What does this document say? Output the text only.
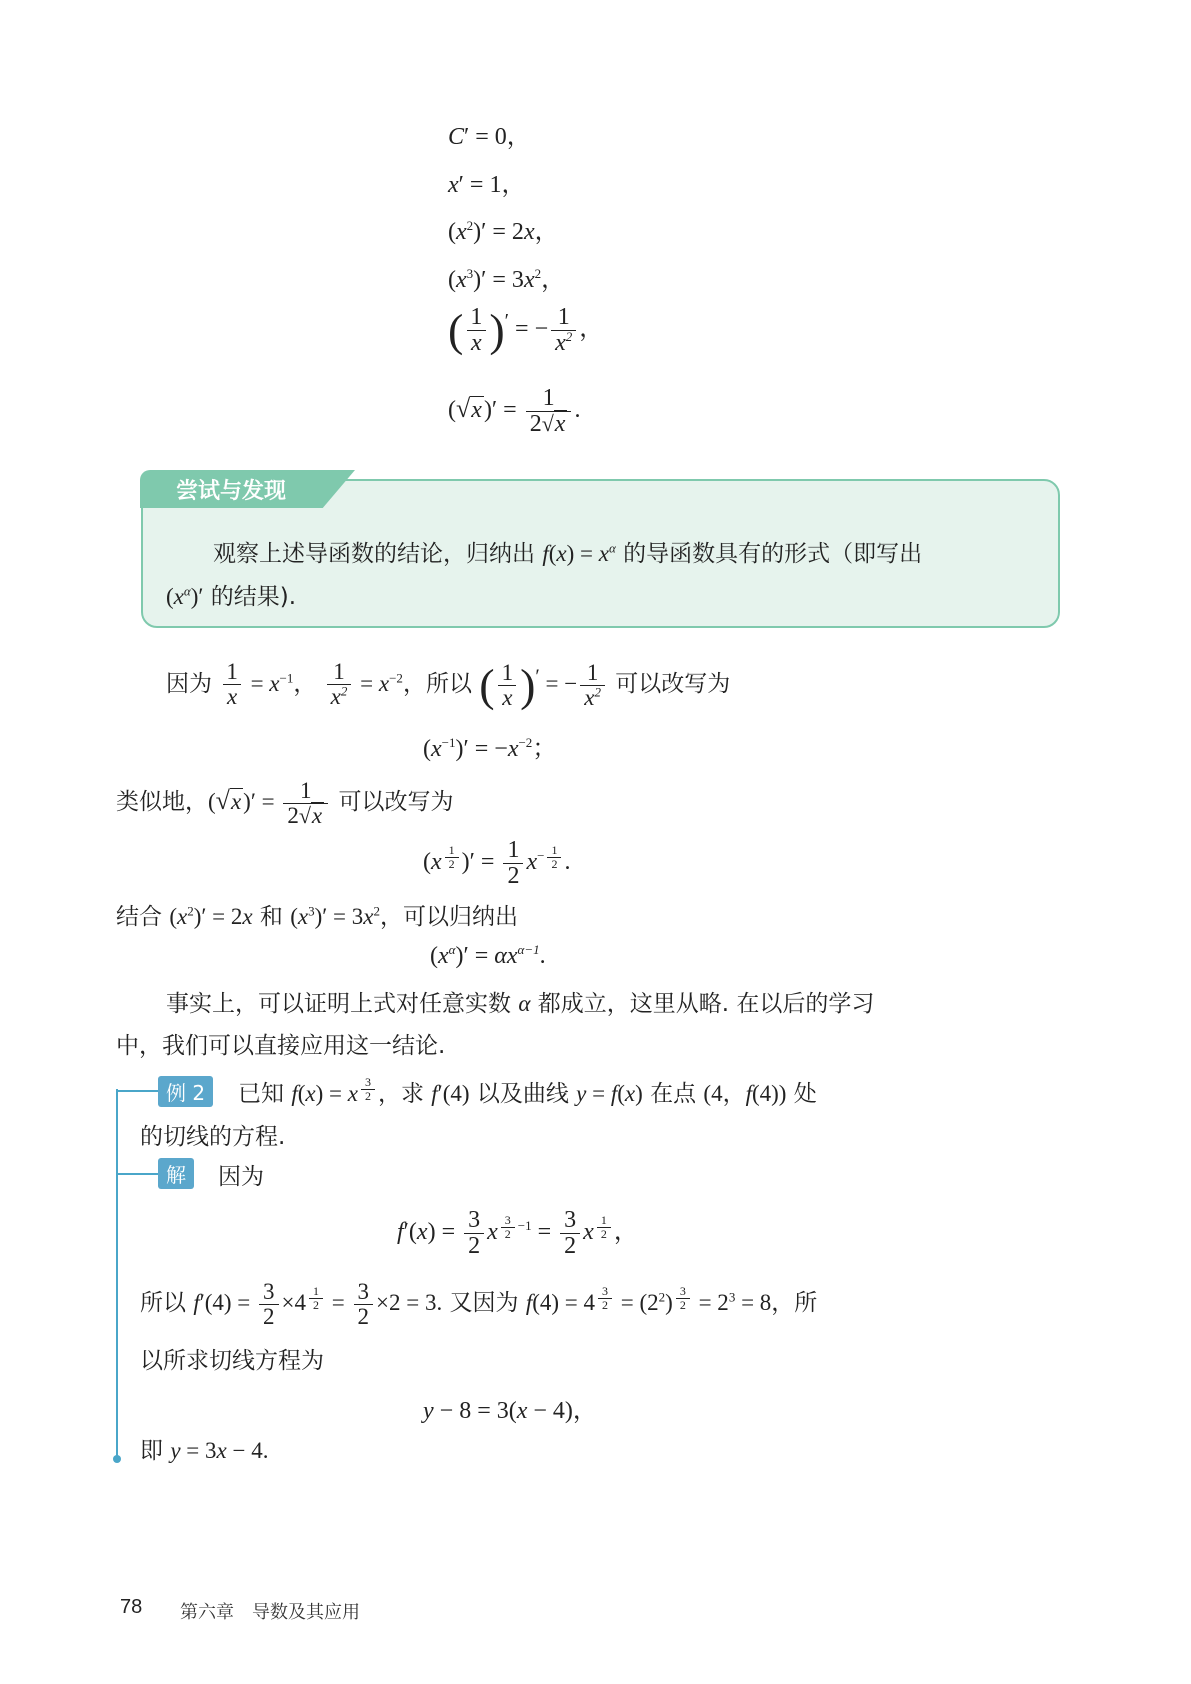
C′ = 0，
x′ = 1，
$(x^2)' = 2x$，
$(x^3)' = 3x^2$，
( $\frac{1}{x} )'$ = − $\frac{1}{x^2}$ ，
$(√x)' = \frac{1}{2√x}$ .
尝试与发现
观察上述导函数的结论，归纳出 $f(x) = x^\alpha$ 的导函数具有的形式（即写出
$(x^\alpha)'$ 的结果).
因为 $\frac{1}{x} = x^{-1}$， $\frac{1}{x^2} = x^{-2}$，所以 ( $\frac{1}{x} )'$ = − $\frac{1}{x^2}$ 可以改写为
$(x^{-1})' = -x^{-2}$；
类似地，$(√x)' = \frac{1}{2√x}$ 可以改写为
(x $^{\frac{1}{2}}$ )′ = $\frac{1}{2} x^{- \frac{1}{2}}$ .
结合 $(x^2)' = 2x$ 和 $(x^3)' = 3x^2$，可以归纳出
$(x^\alpha)' = \alpha x^{\alpha-1}$.
事实上，可以证明上式对任意实数 α 都成立，这里从略. 在以后的学习
中，我们可以直接应用这一结论.
例 2	已知 f(x) = x $^{\frac{3}{2}}$ ，求 f′(4) 以及曲线 y = f(x) 在点 (4，f(4)) 处
的切线的方程.
解	因为
$f'(x) = \frac{3}{2}$ x $^{\frac{3}{2} -1} = \frac{3}{2}$ x $^{\frac{1}{2}}$ ，
所以 $f'(4) = \frac{3}{2} \times 4$ $^{\frac{1}{2}} = \frac{3}{2} \times 2 = 3$. 又因为 f(4) = 4 $^{\frac{3}{2}} = (2^2) ^{\frac{3}{2}} = 2^3 = 8$，所
以所求切线方程为
y − 8 = 3(x − 4)，
即 y = 3x − 4.
78 第六章　导数及其应用
